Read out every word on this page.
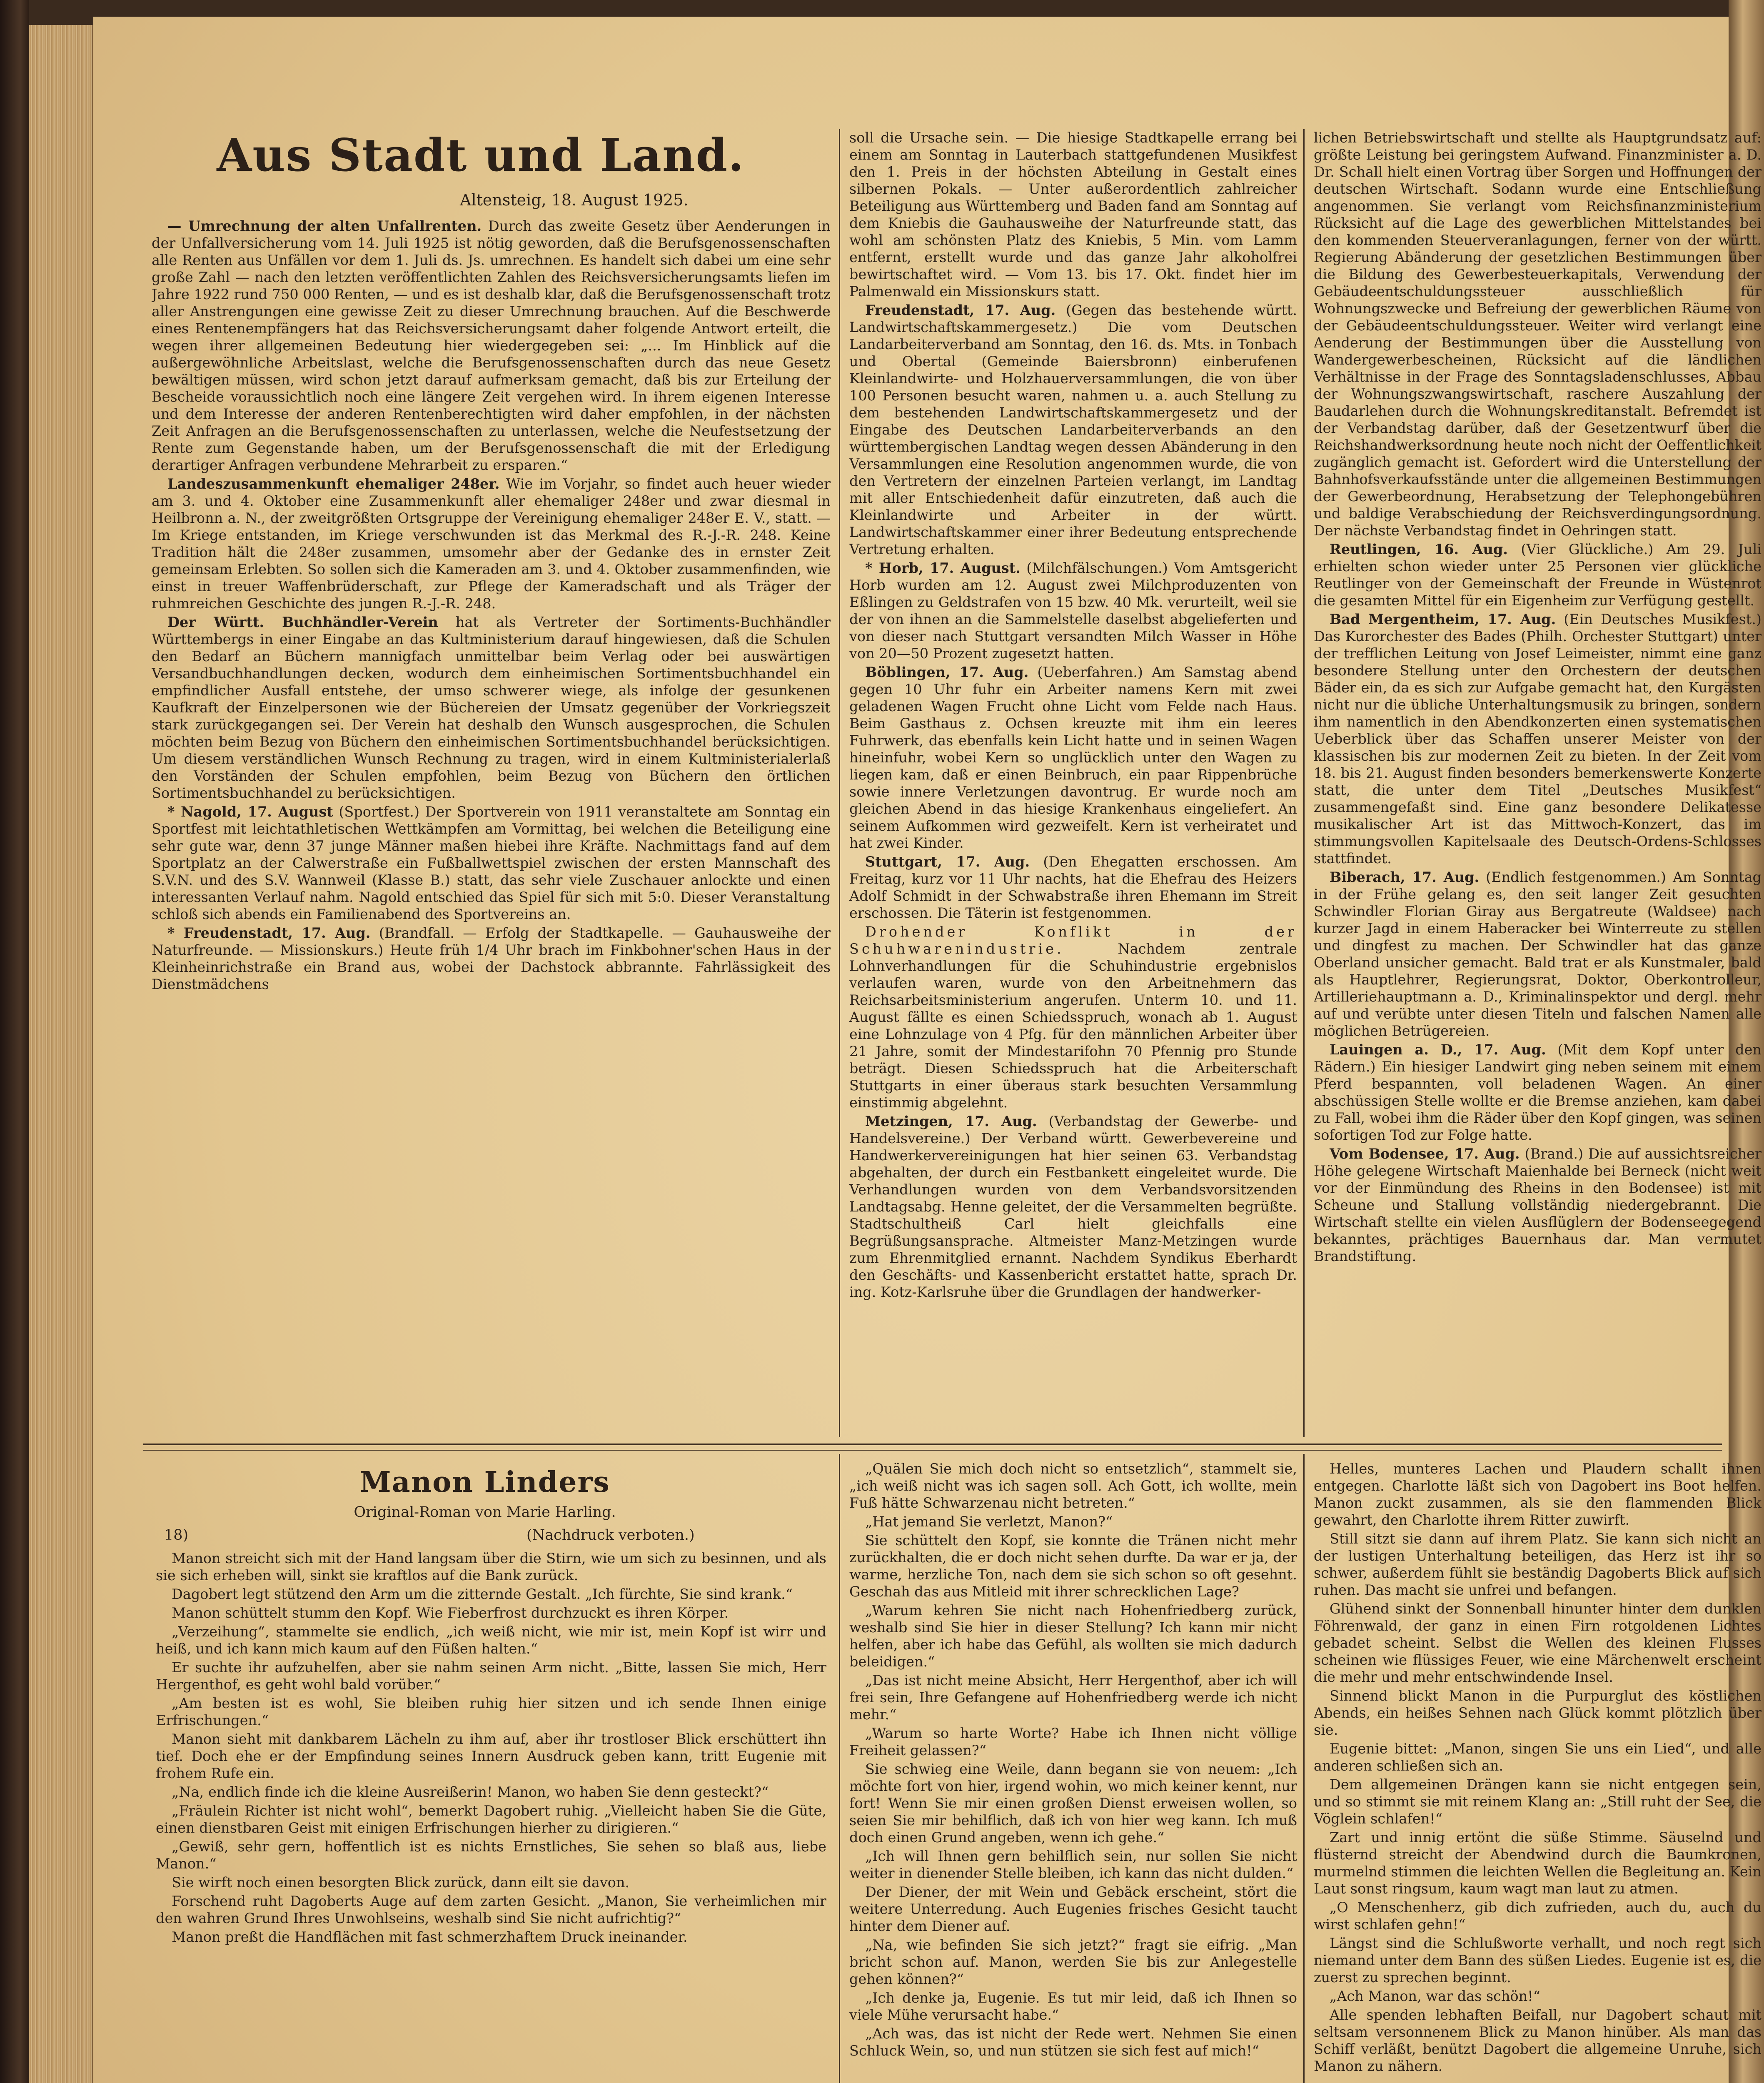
Aus Stadt und Land.
Altensteig, 18. August 1925.

— Umrechnung der alten Unfallrenten. Durch das zweite Gesetz über Aenderungen in der Unfallversicherung vom 14. Juli 1925 ist nötig geworden, daß die Berufsgenossenschaften alle Renten aus Unfällen vor dem 1. Juli ds. Js. umrechnen. Es handelt sich dabei um eine sehr große Zahl — nach den letzten veröffentlichten Zahlen des Reichsversicherungsamts liefen im Jahre 1922 rund 750 000 Renten, — und es ist deshalb klar, daß die Berufsgenossenschaft trotz aller Anstrengungen eine gewisse Zeit zu dieser Umrechnung brauchen. Auf die Beschwerde eines Rentenempfängers hat das Reichsversicherungsamt daher folgende Antwort erteilt, die wegen ihrer allgemeinen Bedeutung hier wiedergegeben sei: „... Im Hinblick auf die außergewöhnliche Arbeitslast, welche die Berufsgenossenschaften durch das neue Gesetz bewältigen müssen, wird schon jetzt darauf aufmerksam gemacht, daß bis zur Erteilung der Bescheide voraussichtlich noch eine längere Zeit vergehen wird. In ihrem eigenen Interesse und dem Interesse der anderen Rentenberechtigten wird daher empfohlen, in der nächsten Zeit Anfragen an die Berufsgenossenschaften zu unterlassen, welche die Neufestsetzung der Rente zum Gegenstande haben, um der Berufsgenossenschaft die mit der Erledigung derartiger Anfragen verbundene Mehrarbeit zu ersparen.“

Landeszusammenkunft ehemaliger 248er. Wie im Vorjahr, so findet auch heuer wieder am 3. und 4. Oktober eine Zusammenkunft aller ehemaliger 248er und zwar diesmal in Heilbronn a. N., der zweitgrößten Ortsgruppe der Vereinigung ehemaliger 248er E. V., statt. — Im Kriege entstanden, im Kriege verschwunden ist das Merkmal des R.-J.-R. 248. Keine Tradition hält die 248er zusammen, umsomehr aber der Gedanke des in ernster Zeit gemeinsam Erlebten. So sollen sich die Kameraden am 3. und 4. Oktober zusammenfinden, wie einst in treuer Waffenbrüderschaft, zur Pflege der Kameradschaft und als Träger der ruhmreichen Geschichte des jungen R.-J.-R. 248.

Der Württ. Buchhändler-Verein hat als Vertreter der Sortiments-Buchhändler Württembergs in einer Eingabe an das Kultministerium darauf hingewiesen, daß die Schulen den Bedarf an Büchern mannigfach unmittelbar beim Verlag oder bei auswärtigen Versandbuchhandlungen decken, wodurch dem einheimischen Sortimentsbuchhandel ein empfindlicher Ausfall entstehe, der umso schwerer wiege, als infolge der gesunkenen Kaufkraft der Einzelpersonen wie der Büchereien der Umsatz gegenüber der Vorkriegszeit stark zurückgegangen sei. Der Verein hat deshalb den Wunsch ausgesprochen, die Schulen möchten beim Bezug von Büchern den einheimischen Sortimentsbuchhandel berücksichtigen. Um diesem verständlichen Wunsch Rechnung zu tragen, wird in einem Kultministerialerlaß den Vorständen der Schulen empfohlen, beim Bezug von Büchern den örtlichen Sortimentsbuchhandel zu berücksichtigen.

* Nagold, 17. August (Sportfest.) Der Sportverein von 1911 veranstaltete am Sonntag ein Sportfest mit leichtathletischen Wettkämpfen am Vormittag, bei welchen die Beteiligung eine sehr gute war, denn 37 junge Männer maßen hiebei ihre Kräfte. Nachmittags fand auf dem Sportplatz an der Calwerstraße ein Fußballwettspiel zwischen der ersten Mannschaft des S.V.N. und des S.V. Wannweil (Klasse B.) statt, das sehr viele Zuschauer anlockte und einen interessanten Verlauf nahm. Nagold entschied das Spiel für sich mit 5:0. Dieser Veranstaltung schloß sich abends ein Familienabend des Sportvereins an.

* Freudenstadt, 17. Aug. (Brandfall. — Erfolg der Stadtkapelle. — Gauhausweihe der Naturfreunde. — Missionskurs.) Heute früh 1/4 Uhr brach im Finkbohner'schen Haus in der Kleinheinrichstraße ein Brand aus, wobei der Dachstock abbrannte. Fahrlässigkeit des Dienstmädchens

soll die Ursache sein. — Die hiesige Stadtkapelle errang bei einem am Sonntag in Lauterbach stattgefundenen Musikfest den 1. Preis in der höchsten Abteilung in Gestalt eines silbernen Pokals. — Unter außerordentlich zahlreicher Beteiligung aus Württemberg und Baden fand am Sonntag auf dem Kniebis die Gauhausweihe der Naturfreunde statt, das wohl am schönsten Platz des Kniebis, 5 Min. vom Lamm entfernt, erstellt wurde und das ganze Jahr alkoholfrei bewirtschaftet wird. — Vom 13. bis 17. Okt. findet hier im Palmenwald ein Missionskurs statt.

Freudenstadt, 17. Aug. (Gegen das bestehende württ. Landwirtschaftskammergesetz.) Die vom Deutschen Landarbeiterverband am Sonntag, den 16. ds. Mts. in Tonbach und Obertal (Gemeinde Baiersbronn) einberufenen Kleinlandwirte- und Holzhauerversammlungen, die von über 100 Personen besucht waren, nahmen u. a. auch Stellung zu dem bestehenden Landwirtschaftskammergesetz und der Eingabe des Deutschen Landarbeiterverbands an den württembergischen Landtag wegen dessen Abänderung in den Versammlungen eine Resolution angenommen wurde, die von den Vertretern der einzelnen Parteien verlangt, im Landtag mit aller Entschiedenheit dafür einzutreten, daß auch die Kleinlandwirte und Arbeiter in der württ. Landwirtschaftskammer einer ihrer Bedeutung entsprechende Vertretung erhalten.

* Horb, 17. August. (Milchfälschungen.) Vom Amtsgericht Horb wurden am 12. August zwei Milchproduzenten von Eßlingen zu Geldstrafen von 15 bzw. 40 Mk. verurteilt, weil sie der von ihnen an die Sammelstelle daselbst abgelieferten und von dieser nach Stuttgart versandten Milch Wasser in Höhe von 20—50 Prozent zugesetzt hatten.

Böblingen, 17. Aug. (Ueberfahren.) Am Samstag abend gegen 10 Uhr fuhr ein Arbeiter namens Kern mit zwei geladenen Wagen Frucht ohne Licht vom Felde nach Haus. Beim Gasthaus z. Ochsen kreuzte mit ihm ein leeres Fuhrwerk, das ebenfalls kein Licht hatte und in seinen Wagen hineinfuhr, wobei Kern so unglücklich unter den Wagen zu liegen kam, daß er einen Beinbruch, ein paar Rippenbrüche sowie innere Verletzungen davontrug. Er wurde noch am gleichen Abend in das hiesige Krankenhaus eingeliefert. An seinem Aufkommen wird gezweifelt. Kern ist verheiratet und hat zwei Kinder.

Stuttgart, 17. Aug. (Den Ehegatten erschossen. Am Freitag, kurz vor 11 Uhr nachts, hat die Ehefrau des Heizers Adolf Schmidt in der Schwabstraße ihren Ehemann im Streit erschossen. Die Täterin ist festgenommen.

Drohender Konflikt in der Schuhwarenindustrie. Nachdem zentrale Lohnverhandlungen für die Schuhindustrie ergebnislos verlaufen waren, wurde von den Arbeitnehmern das Reichsarbeitsministerium angerufen. Unterm 10. und 11. August fällte es einen Schiedsspruch, wonach ab 1. August eine Lohnzulage von 4 Pfg. für den männlichen Arbeiter über 21 Jahre, somit der Mindestarifohn 70 Pfennig pro Stunde beträgt. Diesen Schiedsspruch hat die Arbeiterschaft Stuttgarts in einer überaus stark besuchten Versammlung einstimmig abgelehnt.

Metzingen, 17. Aug. (Verbandstag der Gewerbe- und Handelsvereine.) Der Verband württ. Gewerbevereine und Handwerkervereinigungen hat hier seinen 63. Verbandstag abgehalten, der durch ein Festbankett eingeleitet wurde. Die Verhandlungen wurden von dem Verbandsvorsitzenden Landtagsabg. Henne geleitet, der die Versammelten begrüßte. Stadtschultheiß Carl hielt gleichfalls eine Begrüßungsansprache. Altmeister Manz-Metzingen wurde zum Ehrenmitglied ernannt. Nachdem Syndikus Eberhardt den Geschäfts- und Kassenbericht erstattet hatte, sprach Dr. ing. Kotz-Karlsruhe über die Grundlagen der handwerker-

lichen Betriebswirtschaft und stellte als Hauptgrundsatz auf: größte Leistung bei geringstem Aufwand. Finanzminister a. D. Dr. Schall hielt einen Vortrag über Sorgen und Hoffnungen der deutschen Wirtschaft. Sodann wurde eine Entschließung angenommen. Sie verlangt vom Reichsfinanzministerium Rücksicht auf die Lage des gewerblichen Mittelstandes bei den kommenden Steuerveranlagungen, ferner von der württ. Regierung Abänderung der gesetzlichen Bestimmungen über die Bildung des Gewerbesteuerkapitals, Verwendung der Gebäudeentschuldungssteuer ausschließlich für Wohnungszwecke und Befreiung der gewerblichen Räume von der Gebäudeentschuldungssteuer. Weiter wird verlangt eine Aenderung der Bestimmungen über die Ausstellung von Wandergewerbescheinen, Rücksicht auf die ländlichen Verhältnisse in der Frage des Sonntagsladenschlusses, Abbau der Wohnungszwangswirtschaft, raschere Auszahlung der Baudarlehen durch die Wohnungskreditanstalt. Befremdet ist der Verbandstag darüber, daß der Gesetzentwurf über die Reichshandwerksordnung heute noch nicht der Oeffentlichkeit zugänglich gemacht ist. Gefordert wird die Unterstellung der Bahnhofsverkaufsstände unter die allgemeinen Bestimmungen der Gewerbeordnung, Herabsetzung der Telephongebühren und baldige Verabschiedung der Reichsverdingungsordnung. Der nächste Verbandstag findet in Oehringen statt.

Reutlingen, 16. Aug. (Vier Glückliche.) Am 29. Juli erhielten schon wieder unter 25 Personen vier glückliche Reutlinger von der Gemeinschaft der Freunde in Wüstenrot die gesamten Mittel für ein Eigenheim zur Verfügung gestellt.

Bad Mergentheim, 17. Aug. (Ein Deutsches Musikfest.) Das Kurorchester des Bades (Philh. Orchester Stuttgart) unter der trefflichen Leitung von Josef Leimeister, nimmt eine ganz besondere Stellung unter den Orchestern der deutschen Bäder ein, da es sich zur Aufgabe gemacht hat, den Kurgästen nicht nur die übliche Unterhaltungsmusik zu bringen, sondern ihm namentlich in den Abendkonzerten einen systematischen Ueberblick über das Schaffen unserer Meister von der klassischen bis zur modernen Zeit zu bieten. In der Zeit vom 18. bis 21. August finden besonders bemerkenswerte Konzerte statt, die unter dem Titel „Deutsches Musikfest“ zusammengefaßt sind. Eine ganz besondere Delikatesse musikalischer Art ist das Mittwoch-Konzert, das im stimmungsvollen Kapitelsaale des Deutsch-Ordens-Schlosses stattfindet.

Biberach, 17. Aug. (Endlich festgenommen.) Am Sonntag in der Frühe gelang es, den seit langer Zeit gesuchten Schwindler Florian Giray aus Bergatreute (Waldsee) nach kurzer Jagd in einem Haberacker bei Winterreute zu stellen und dingfest zu machen. Der Schwindler hat das ganze Oberland unsicher gemacht. Bald trat er als Kunstmaler, bald als Hauptlehrer, Regierungsrat, Doktor, Oberkontrolleur, Artilleriehauptmann a. D., Kriminalinspektor und dergl. mehr auf und verübte unter diesen Titeln und falschen Namen alle möglichen Betrügereien.

Lauingen a. D., 17. Aug. (Mit dem Kopf unter den Rädern.) Ein hiesiger Landwirt ging neben seinem mit einem Pferd bespannten, voll beladenen Wagen. An einer abschüssigen Stelle wollte er die Bremse anziehen, kam dabei zu Fall, wobei ihm die Räder über den Kopf gingen, was seinen sofortigen Tod zur Folge hatte.

Vom Bodensee, 17. Aug. (Brand.) Die auf aussichtsreicher Höhe gelegene Wirtschaft Maienhalde bei Berneck (nicht weit vor der Einmündung des Rheins in den Bodensee) ist mit Scheune und Stallung vollständig niedergebrannt. Die Wirtschaft stellte ein vielen Ausflüglern der Bodenseegegend bekanntes, prächtiges Bauernhaus dar. Man vermutet Brandstiftung.

Manon Linders
Original-Roman von Marie Harling.
18)	(Nachdruck verboten.)

Manon streicht sich mit der Hand langsam über die Stirn, wie um sich zu besinnen, und als sie sich erheben will, sinkt sie kraftlos auf die Bank zurück.

Dagobert legt stützend den Arm um die zitternde Gestalt. „Ich fürchte, Sie sind krank.“

Manon schüttelt stumm den Kopf. Wie Fieberfrost durchzuckt es ihren Körper.

„Verzeihung“, stammelte sie endlich, „ich weiß nicht, wie mir ist, mein Kopf ist wirr und heiß, und ich kann mich kaum auf den Füßen halten.“

Er suchte ihr aufzuhelfen, aber sie nahm seinen Arm nicht. „Bitte, lassen Sie mich, Herr Hergenthof, es geht wohl bald vorüber.“

„Am besten ist es wohl, Sie bleiben ruhig hier sitzen und ich sende Ihnen einige Erfrischungen.“

Manon sieht mit dankbarem Lächeln zu ihm auf, aber ihr trostloser Blick erschüttert ihn tief. Doch ehe er der Empfindung seines Innern Ausdruck geben kann, tritt Eugenie mit frohem Rufe ein.

„Na, endlich finde ich die kleine Ausreißerin! Manon, wo haben Sie denn gesteckt?“

„Fräulein Richter ist nicht wohl“, bemerkt Dagobert ruhig. „Vielleicht haben Sie die Güte, einen dienstbaren Geist mit einigen Erfrischungen hierher zu dirigieren.“

„Gewiß, sehr gern, hoffentlich ist es nichts Ernstliches, Sie sehen so blaß aus, liebe Manon.“

Sie wirft noch einen besorgten Blick zurück, dann eilt sie davon.

Forschend ruht Dagoberts Auge auf dem zarten Gesicht. „Manon, Sie verheimlichen mir den wahren Grund Ihres Unwohlseins, weshalb sind Sie nicht aufrichtig?“

Manon preßt die Handflächen mit fast schmerzhaftem Druck ineinander.

„Quälen Sie mich doch nicht so entsetzlich“, stammelt sie, „ich weiß nicht was ich sagen soll. Ach Gott, ich wollte, mein Fuß hätte Schwarzenau nicht betreten.“

„Hat jemand Sie verletzt, Manon?“

Sie schüttelt den Kopf, sie konnte die Tränen nicht mehr zurückhalten, die er doch nicht sehen durfte. Da war er ja, der warme, herzliche Ton, nach dem sie sich schon so oft gesehnt. Geschah das aus Mitleid mit ihrer schrecklichen Lage?

„Warum kehren Sie nicht nach Hohenfriedberg zurück, weshalb sind Sie hier in dieser Stellung? Ich kann mir nicht helfen, aber ich habe das Gefühl, als wollten sie mich dadurch beleidigen.“

„Das ist nicht meine Absicht, Herr Hergenthof, aber ich will frei sein, Ihre Gefangene auf Hohenfriedberg werde ich nicht mehr.“

„Warum so harte Worte? Habe ich Ihnen nicht völlige Freiheit gelassen?“

Sie schwieg eine Weile, dann begann sie von neuem: „Ich möchte fort von hier, irgend wohin, wo mich keiner kennt, nur fort! Wenn Sie mir einen großen Dienst erweisen wollen, so seien Sie mir behilflich, daß ich von hier weg kann. Ich muß doch einen Grund angeben, wenn ich gehe.“

„Ich will Ihnen gern behilflich sein, nur sollen Sie nicht weiter in dienender Stelle bleiben, ich kann das nicht dulden.“

Der Diener, der mit Wein und Gebäck erscheint, stört die weitere Unterredung. Auch Eugenies frisches Gesicht taucht hinter dem Diener auf.

„Na, wie befinden Sie sich jetzt?“ fragt sie eifrig. „Man bricht schon auf. Manon, werden Sie bis zur Anlegestelle gehen können?“

„Ich denke ja, Eugenie. Es tut mir leid, daß ich Ihnen so viele Mühe verursacht habe.“

„Ach was, das ist nicht der Rede wert. Nehmen Sie einen Schluck Wein, so, und nun stützen sie sich fest auf mich!“

Helles, munteres Lachen und Plaudern schallt ihnen entgegen. Charlotte läßt sich von Dagobert ins Boot helfen. Manon zuckt zusammen, als sie den flammenden Blick gewahrt, den Charlotte ihrem Ritter zuwirft.

Still sitzt sie dann auf ihrem Platz. Sie kann sich nicht an der lustigen Unterhaltung beteiligen, das Herz ist ihr so schwer, außerdem fühlt sie beständig Dagoberts Blick auf sich ruhen. Das macht sie unfrei und befangen.

Glühend sinkt der Sonnenball hinunter hinter dem dunklen Föhrenwald, der ganz in einen Firn rotgoldenen Lichtes gebadet scheint. Selbst die Wellen des kleinen Flusses scheinen wie flüssiges Feuer, wie eine Märchenwelt erscheint die mehr und mehr entschwindende Insel.

Sinnend blickt Manon in die Purpurglut des köstlichen Abends, ein heißes Sehnen nach Glück kommt plötzlich über sie.

Eugenie bittet: „Manon, singen Sie uns ein Lied“, und alle anderen schließen sich an.

Dem allgemeinen Drängen kann sie nicht entgegen sein, und so stimmt sie mit reinem Klang an: „Still ruht der See, die Vöglein schlafen!“

Zart und innig ertönt die süße Stimme. Säuselnd und flüsternd streicht der Abendwind durch die Baumkronen, murmelnd stimmen die leichten Wellen die Begleitung an. Kein Laut sonst ringsum, kaum wagt man laut zu atmen.

„O Menschenherz, gib dich zufrieden, auch du, auch du wirst schlafen gehn!“

Längst sind die Schlußworte verhallt, und noch regt sich niemand unter dem Bann des süßen Liedes. Eugenie ist es, die zuerst zu sprechen beginnt.

„Ach Manon, war das schön!“

Alle spenden lebhaften Beifall, nur Dagobert schaut mit seltsam versonnenem Blick zu Manon hinüber. Als man das Schiff verläßt, benützt Dagobert die allgemeine Unruhe, sich Manon zu nähern.
